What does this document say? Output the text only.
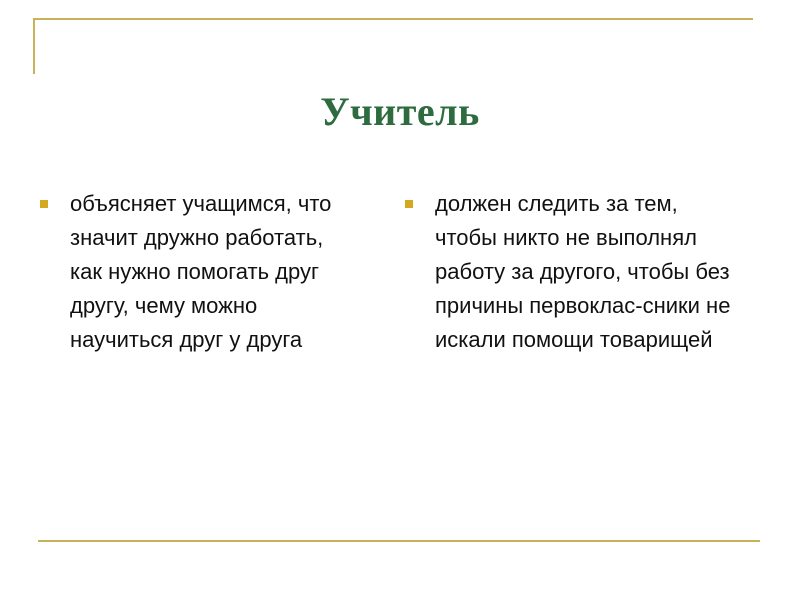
Учитель
объясняет учащимся, что значит дружно работать, как нужно помогать друг другу, чему можно научиться друг у друга
должен следить за тем, чтобы никто не выполнял работу за другого, чтобы без причины первоклас-сники не искали помощи товарищей
